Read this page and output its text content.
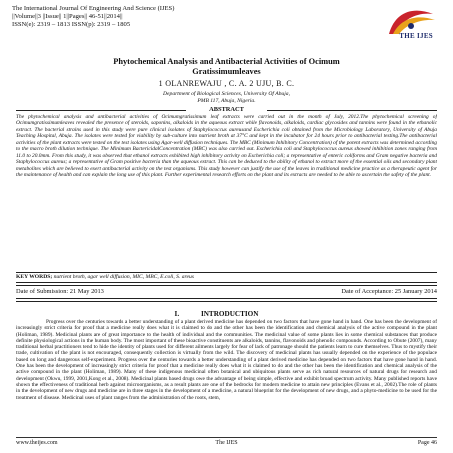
The International Journal Of Engineering And Science (IJES)
||Volume||3 ||Issue|| 1||Pages|| 46-51||2014||
ISSN(e): 2319 – 1813 ISSN(p): 2319 – 1805
THE IJES
Phytochemical Analysis and Antibacterial Activities of Ocimum
Gratissimumleaves
1 OLANREWAJU , C. A. 2 UJU, B. C.
Department of Biological Sciences, University Of Abuja,
PMB 117, Abuja, Nigeria.
ABSTRACT
The phytochemical analysis and antibacterial activities of Ocimumgratissimum leaf extracts were carried out in the month of July, 2012.The phytochemical screening of Ocimumgratissimumleaves revealed the presence of steroids, saponins, alkaloids in the aqueous extract while flavonoids, alkaloids, cardiac glycosides and tannins were found in the ethanolic extract. The bacterial strains used in this study were pure clinical isolates of Staphylococcus aureusand Escherichia coli obtained from the Microbiology Laboratory, University of Abuja Teaching Hospital, Abuja. The isolates were tested for viability by sub-culture into nutrient broth at 37°C and kept in the incubator for 24 hours prior to antibacterial testing.The antibacterial activities of the plant extracts were tested on the test isolates using Agar-well diffusion techniques. The MBC (Minimum Inhibitory Concentration) of the potent extracts was determined according to the macro broth dilution technique. The Minimum BactericidalConcentration (MBC) was also carried out. Escherichia coli and Staphylococcus aureus showed inhibition zones ranging from 11.0 to 20.0mm. From this study, it was observed that ethanol extracts exhibited high inhibitory activity on Escherichia coli; a representative of enteric coliforms and Gram negative bacteria and Staphylococcus aureus; a representative of Gram positive bacteria than the aqueous extract. This can be deduced to the ability of ethanol to extract more of the essential oils and secondary plant metabolites which are believed to exert antibacterial activity on the test organisms. This study however can justify the use of the leaves in traditional medicine practice as a therapeutic agent for the maintenance of health and can explain the long use of this plant. Further experimental research efforts on the plant and its extracts are needed to be able to ascertain the safety of the plant.
KEY WORDS; nutrient broth, agar well diffusion, MIC, MBC, E.coli, S. areus
Date of Submission: 21 May 2013	Date of Acceptance: 25 January 2014
I.	INTRODUCTION
Progress over the centuries towards a better understanding of a plant derived medicine has depended on two factors that have gone hand in hand. One has been the development of increasingly strict criteria for proof that a medicine really does what it is claimed to do and the other has been the identification and chemical analysis of the active compound in the plant (Holiman, 1989). Medicinal plants are of great importance to the health of individual and the communities. The medicinal value of some plants lies in some chemical substances that produce definite physiological actions in the human body. The most important of these bioactive constituents are alkaloids, tannins, flavonoids and phenolic compounds. According to Obute (2007), many traditional herbal practitioners tend to hide the identity of plants used for different ailments largely for fear of lack of patronage should the patients learn to cure themselves. Thus to mystify their trade, cultivation of the plant is not encouraged, consequently collection is virtually from the wild. The discovery of medicinal plants has usually depended on the experience of the populace based on long and dangerous self-experiment. Progress over the centuries towards a better understanding of a plant derived medicine has depended on two factors that have gone hand in hand. One has been the development of increasingly strict criteria for proof that a medicine really does what it is claimed to do and the other has been the identification and chemical analysis of the active compound in the plant (Holiman, 1989). Many of these indigenous medicinal often botanical and ubiquitous plants serve as rich natural resources of natural drugs for research and development (Okwu, 1999, 2001,Kong et al., 2008). Medicinal plants based drugs owe the advantage of being simple, effective and exhibit broad spectrum activity. Many published reports have shown the effectiveness of traditional herb against microorganisms, as a result plants are one of the bedrocks for modern medicine to attain new principles (Evans et al., 2002).The role of plants in the development of new drugs and medicine are in three stages in the development of a medicine, a natural blueprint for the development of new drugs, and a phyto-medicine to be used for the treatment of disease. Medicinal uses of plant ranges from the administration of the roots, stem,
www.theijes.com	The IJES	Page 46
